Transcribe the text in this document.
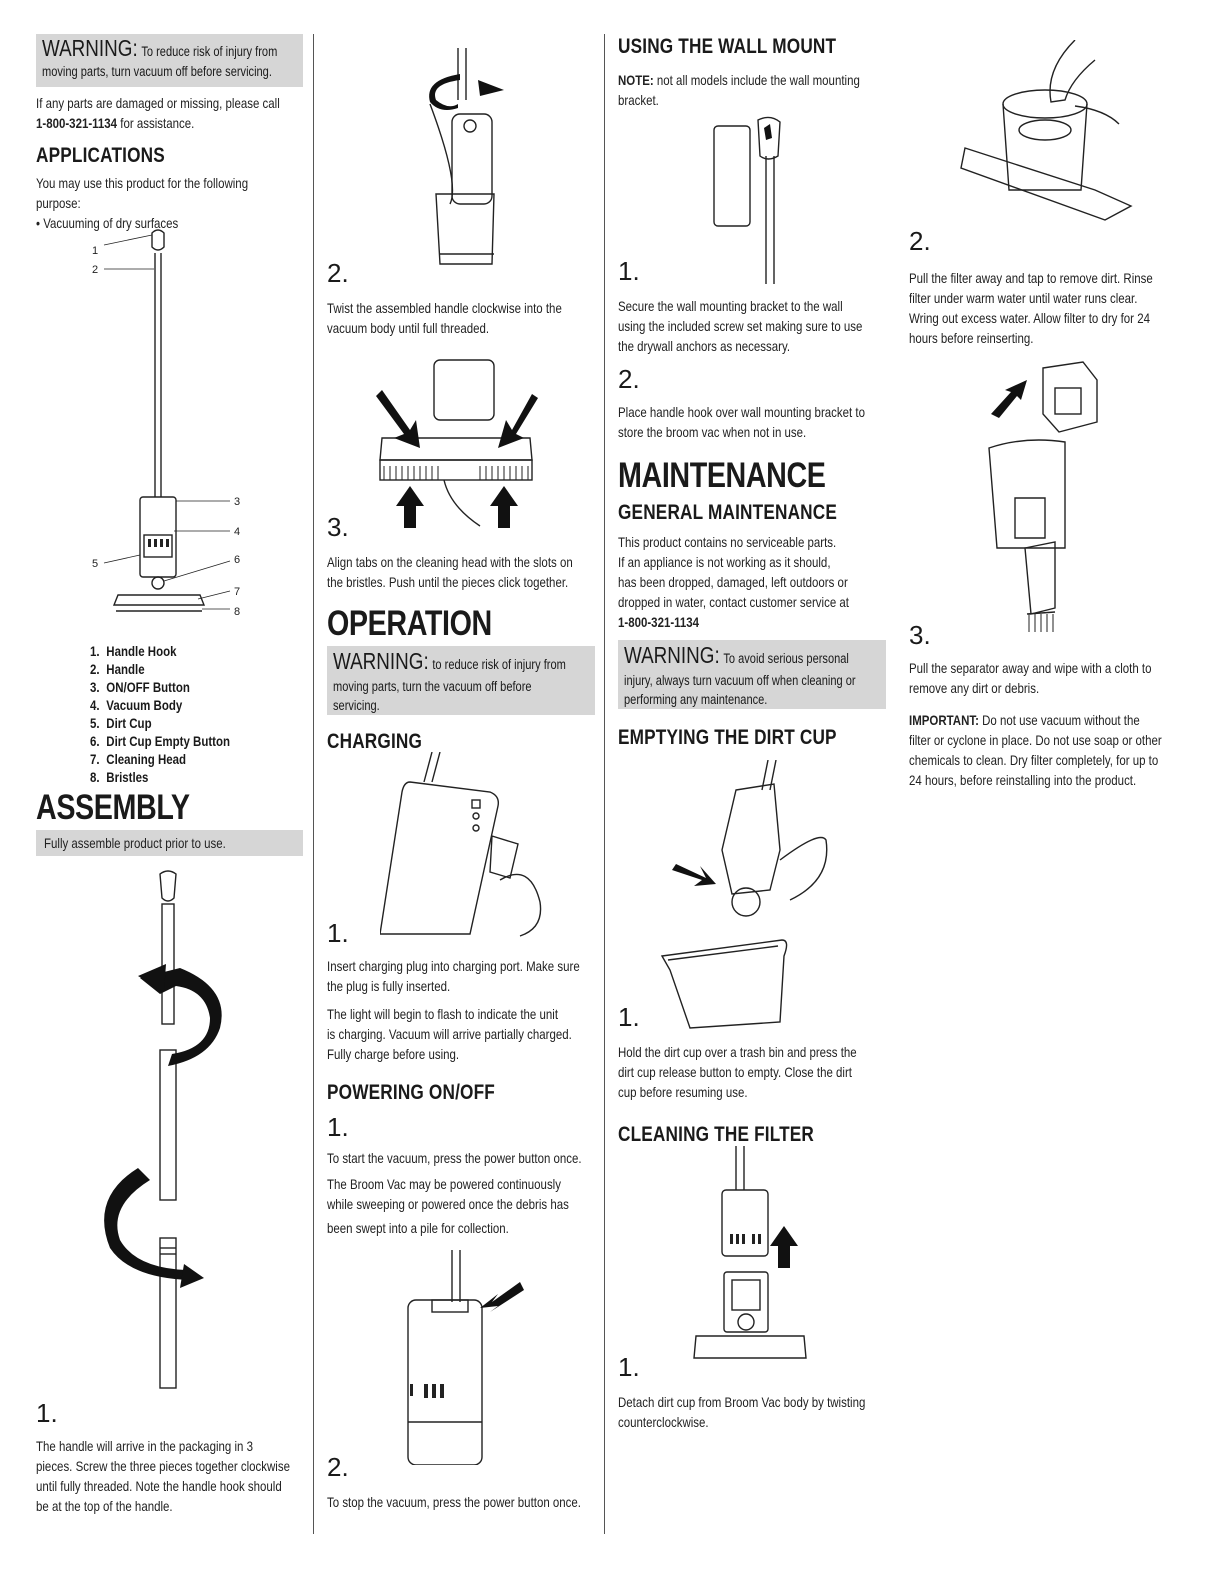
WARNING: To reduce risk of injury from
moving parts, turn vacuum off before servicing.
If any parts are damaged or missing, please call
1-800-321-1134 for assistance.
APPLICATIONS
You may use this product for the following
purpose:
• Vacuuming of dry surfaces
1
2
3
4
5	6
7
8
1. Handle Hook
2. Handle
3. ON/OFF Button
4. Vacuum Body
5. Dirt Cup
6. Dirt Cup Empty Button
7. Cleaning Head
8. Bristles
ASSEMBLY
Fully assemble product prior to use.
1.
The handle will arrive in the packaging in 3
pieces. Screw the three pieces together clockwise
until fully threaded. Note the handle hook should
be at the top of the handle.
2.
Twist the assembled handle clockwise into the
vacuum body until full threaded.
3.
Align tabs on the cleaning head with the slots on
the bristles. Push until the pieces click together.
OPERATION
WARNING: to reduce risk of injury from
moving parts, turn the vacuum off before
servicing.
CHARGING
1.
Insert charging plug into charging port. Make sure
the plug is fully inserted.
The light will begin to flash to indicate the unit
is charging. Vacuum will arrive partially charged.
Fully charge before using.
POWERING ON/OFF
1.
To start the vacuum, press the power button once.
The Broom Vac may be powered continuously
while sweeping or powered once the debris has
been swept into a pile for collection.
2.
To stop the vacuum, press the power button once.
USING THE WALL MOUNT
NOTE: not all models include the wall mounting
bracket.
1.
Secure the wall mounting bracket to the wall
using the included screw set making sure to use
the drywall anchors as necessary.
2.
Place handle hook over wall mounting bracket to
store the broom vac when not in use.
MAINTENANCE
GENERAL MAINTENANCE
This product contains no serviceable parts.
If an appliance is not working as it should,
has been dropped, damaged, left outdoors or
dropped in water, contact customer service at
1-800-321-1134
WARNING: To avoid serious personal
injury, always turn vacuum off when cleaning or
performing any maintenance.
EMPTYING THE DIRT CUP
1.
Hold the dirt cup over a trash bin and press the
dirt cup release button to empty. Close the dirt
cup before resuming use.
CLEANING THE FILTER
1.
Detach dirt cup from Broom Vac body by twisting
counterclockwise.
2.
Pull the filter away and tap to remove dirt. Rinse
filter under warm water until water runs clear.
Wring out excess water. Allow filter to dry for 24
hours before reinserting.
3.
Pull the separator away and wipe with a cloth to
remove any dirt or debris.
IMPORTANT: Do not use vacuum without the
filter or cyclone in place. Do not use soap or other
chemicals to clean. Dry filter completely, for up to
24 hours, before reinstalling into the product.
